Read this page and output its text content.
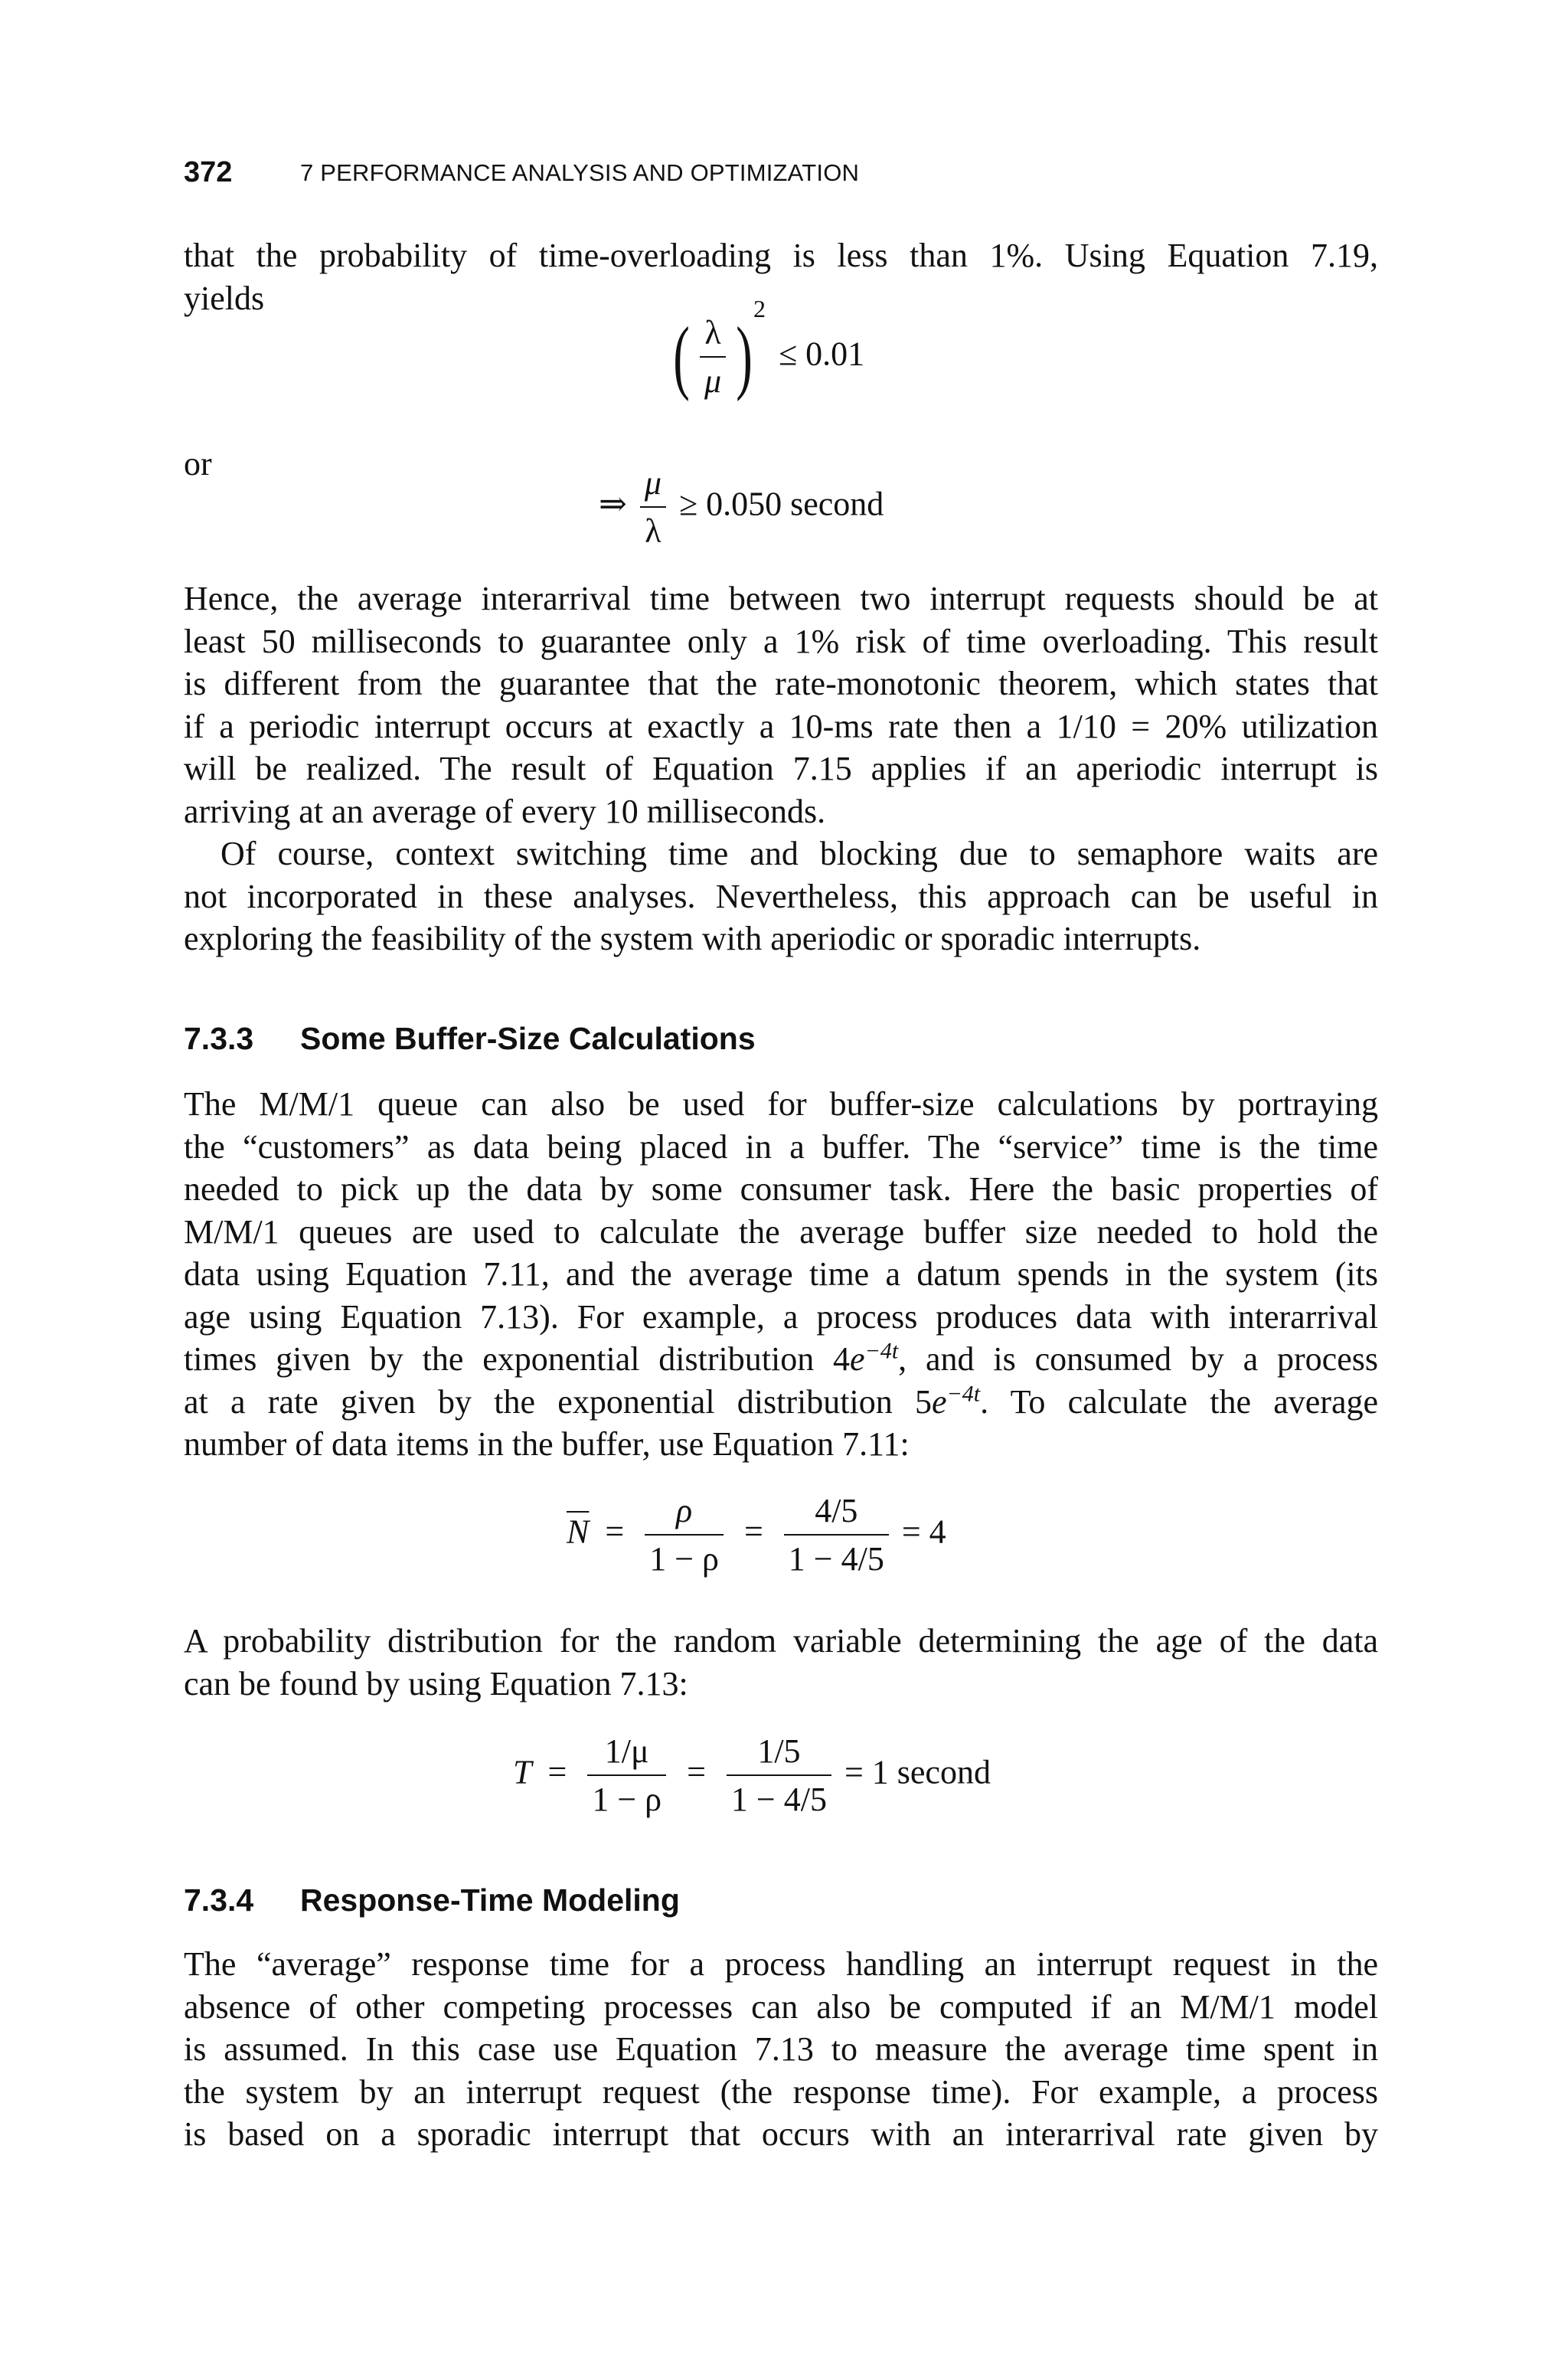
372	7 PERFORMANCE ANALYSIS AND OPTIMIZATION
that the probability of time-overloading is less than 1%. Using Equation 7.19,
yields
( $\frac{\lambda}{\mu} )^2 \le 0.01$
or
⇒ $\frac{\mu}{\lambda} \ge 0.050$ second
Hence, the average interarrival time between two interrupt requests should be at
least 50 milliseconds to guarantee only a 1% risk of time overloading. This result
is different from the guarantee that the rate-monotonic theorem, which states that
if a periodic interrupt occurs at exactly a 10-ms rate then a 1/10 = 20% utilization
will be realized. The result of Equation 7.15 applies if an aperiodic interrupt is
arriving at an average of every 10 milliseconds.
Of course, context switching time and blocking due to semaphore waits are
not incorporated in these analyses. Nevertheless, this approach can be useful in
exploring the feasibility of the system with aperiodic or sporadic interrupts.
7.3.3 Some Buffer-Size Calculations
The M/M/1 queue can also be used for buffer-size calculations by portraying
the “customers” as data being placed in a buffer. The “service” time is the time
needed to pick up the data by some consumer task. Here the basic properties of
M/M/1 queues are used to calculate the average buffer size needed to hold the
data using Equation 7.11, and the average time a datum spends in the system (its
age using Equation 7.13). For example, a process produces data with interarrival
times given by the exponential distribution $4e^{-4t}$, and is consumed by a process
at a rate given by the exponential distribution $5e^{-4t}$. To calculate the average
number of data items in the buffer, use Equation 7.11:
$\overline{N} = \frac{\rho}{1 - \rho} = \frac{4/5}{1 - 4/5} = 4$
A probability distribution for the random variable determining the age of the data
can be found by using Equation 7.13:
$T = \frac{1/\mu}{1 - \rho} = \frac{1/5}{1 - 4/5} = 1$ second
7.3.4 Response-Time Modeling
The “average” response time for a process handling an interrupt request in the
absence of other competing processes can also be computed if an M/M/1 model
is assumed. In this case use Equation 7.13 to measure the average time spent in
the system by an interrupt request (the response time). For example, a process
is based on a sporadic interrupt that occurs with an interarrival rate given by
